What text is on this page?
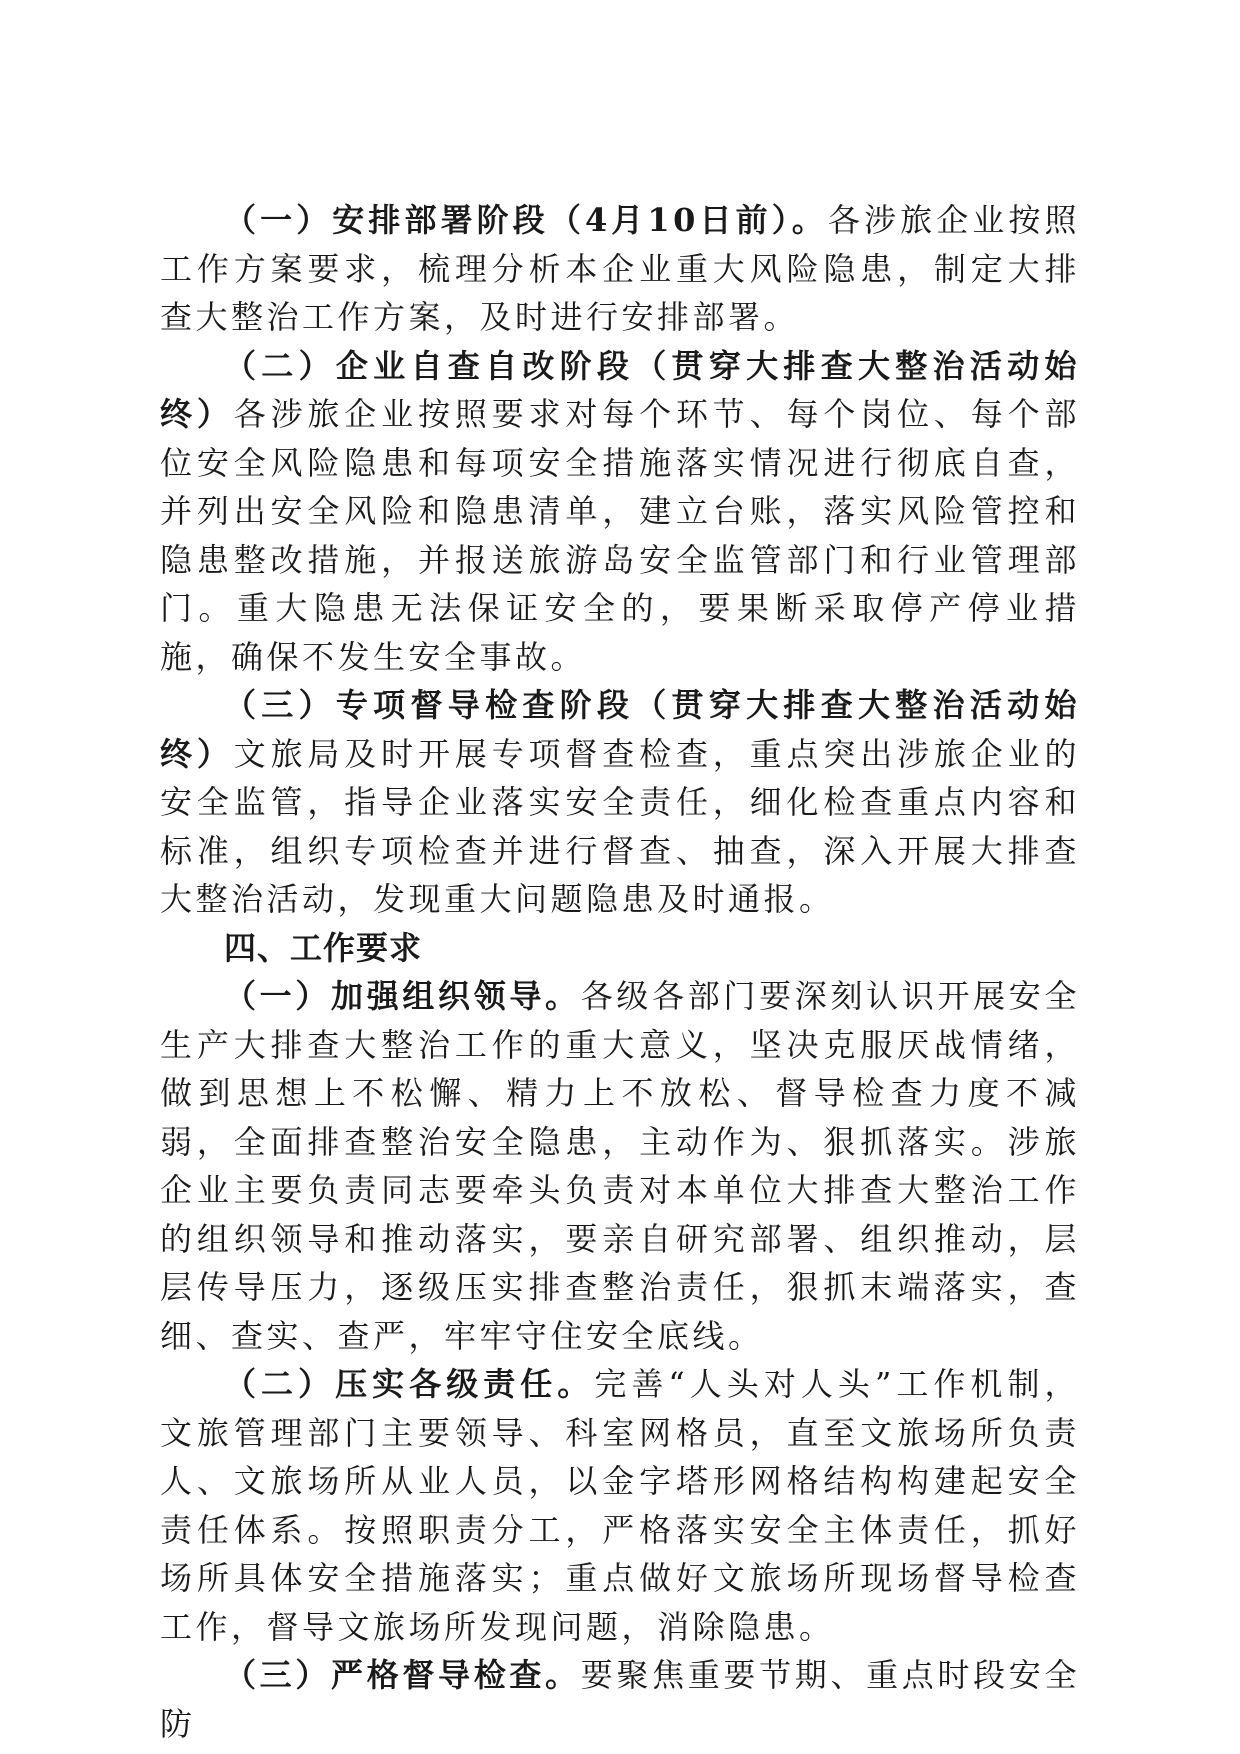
（一）安排部署阶段（4月10日前）。各涉旅企业按照工作方案要求，梳理分析本企业重大风险隐患，制定大排查大整治工作方案，及时进行安排部署。

（二）企业自查自改阶段（贯穿大排查大整治活动始终）各涉旅企业按照要求对每个环节、每个岗位、每个部位安全风险隐患和每项安全措施落实情况进行彻底自查，并列出安全风险和隐患清单，建立台账，落实风险管控和隐患整改措施，并报送旅游岛安全监管部门和行业管理部门。重大隐患无法保证安全的，要果断采取停产停业措施，确保不发生安全事故。

（三）专项督导检查阶段（贯穿大排查大整治活动始终）文旅局及时开展专项督查检查，重点突出涉旅企业的安全监管，指导企业落实安全责任，细化检查重点内容和标准，组织专项检查并进行督查、抽查，深入开展大排查大整治活动，发现重大问题隐患及时通报。

四、工作要求

（一）加强组织领导。各级各部门要深刻认识开展安全生产大排查大整治工作的重大意义，坚决克服厌战情绪，做到思想上不松懈、精力上不放松、督导检查力度不减弱，全面排查整治安全隐患，主动作为、狠抓落实。涉旅企业主要负责同志要牵头负责对本单位大排查大整治工作的组织领导和推动落实，要亲自研究部署、组织推动，层层传导压力，逐级压实排查整治责任，狠抓末端落实，查细、查实、查严，牢牢守住安全底线。

（二）压实各级责任。完善“人头对人头”工作机制，文旅管理部门主要领导、科室网格员，直至文旅场所负责人、文旅场所从业人员，以金字塔形网格结构构建起安全责任体系。按照职责分工，严格落实安全主体责任，抓好场所具体安全措施落实；重点做好文旅场所现场督导检查工作，督导文旅场所发现问题，消除隐患。

（三）严格督导检查。要聚焦重要节期、重点时段安全防
